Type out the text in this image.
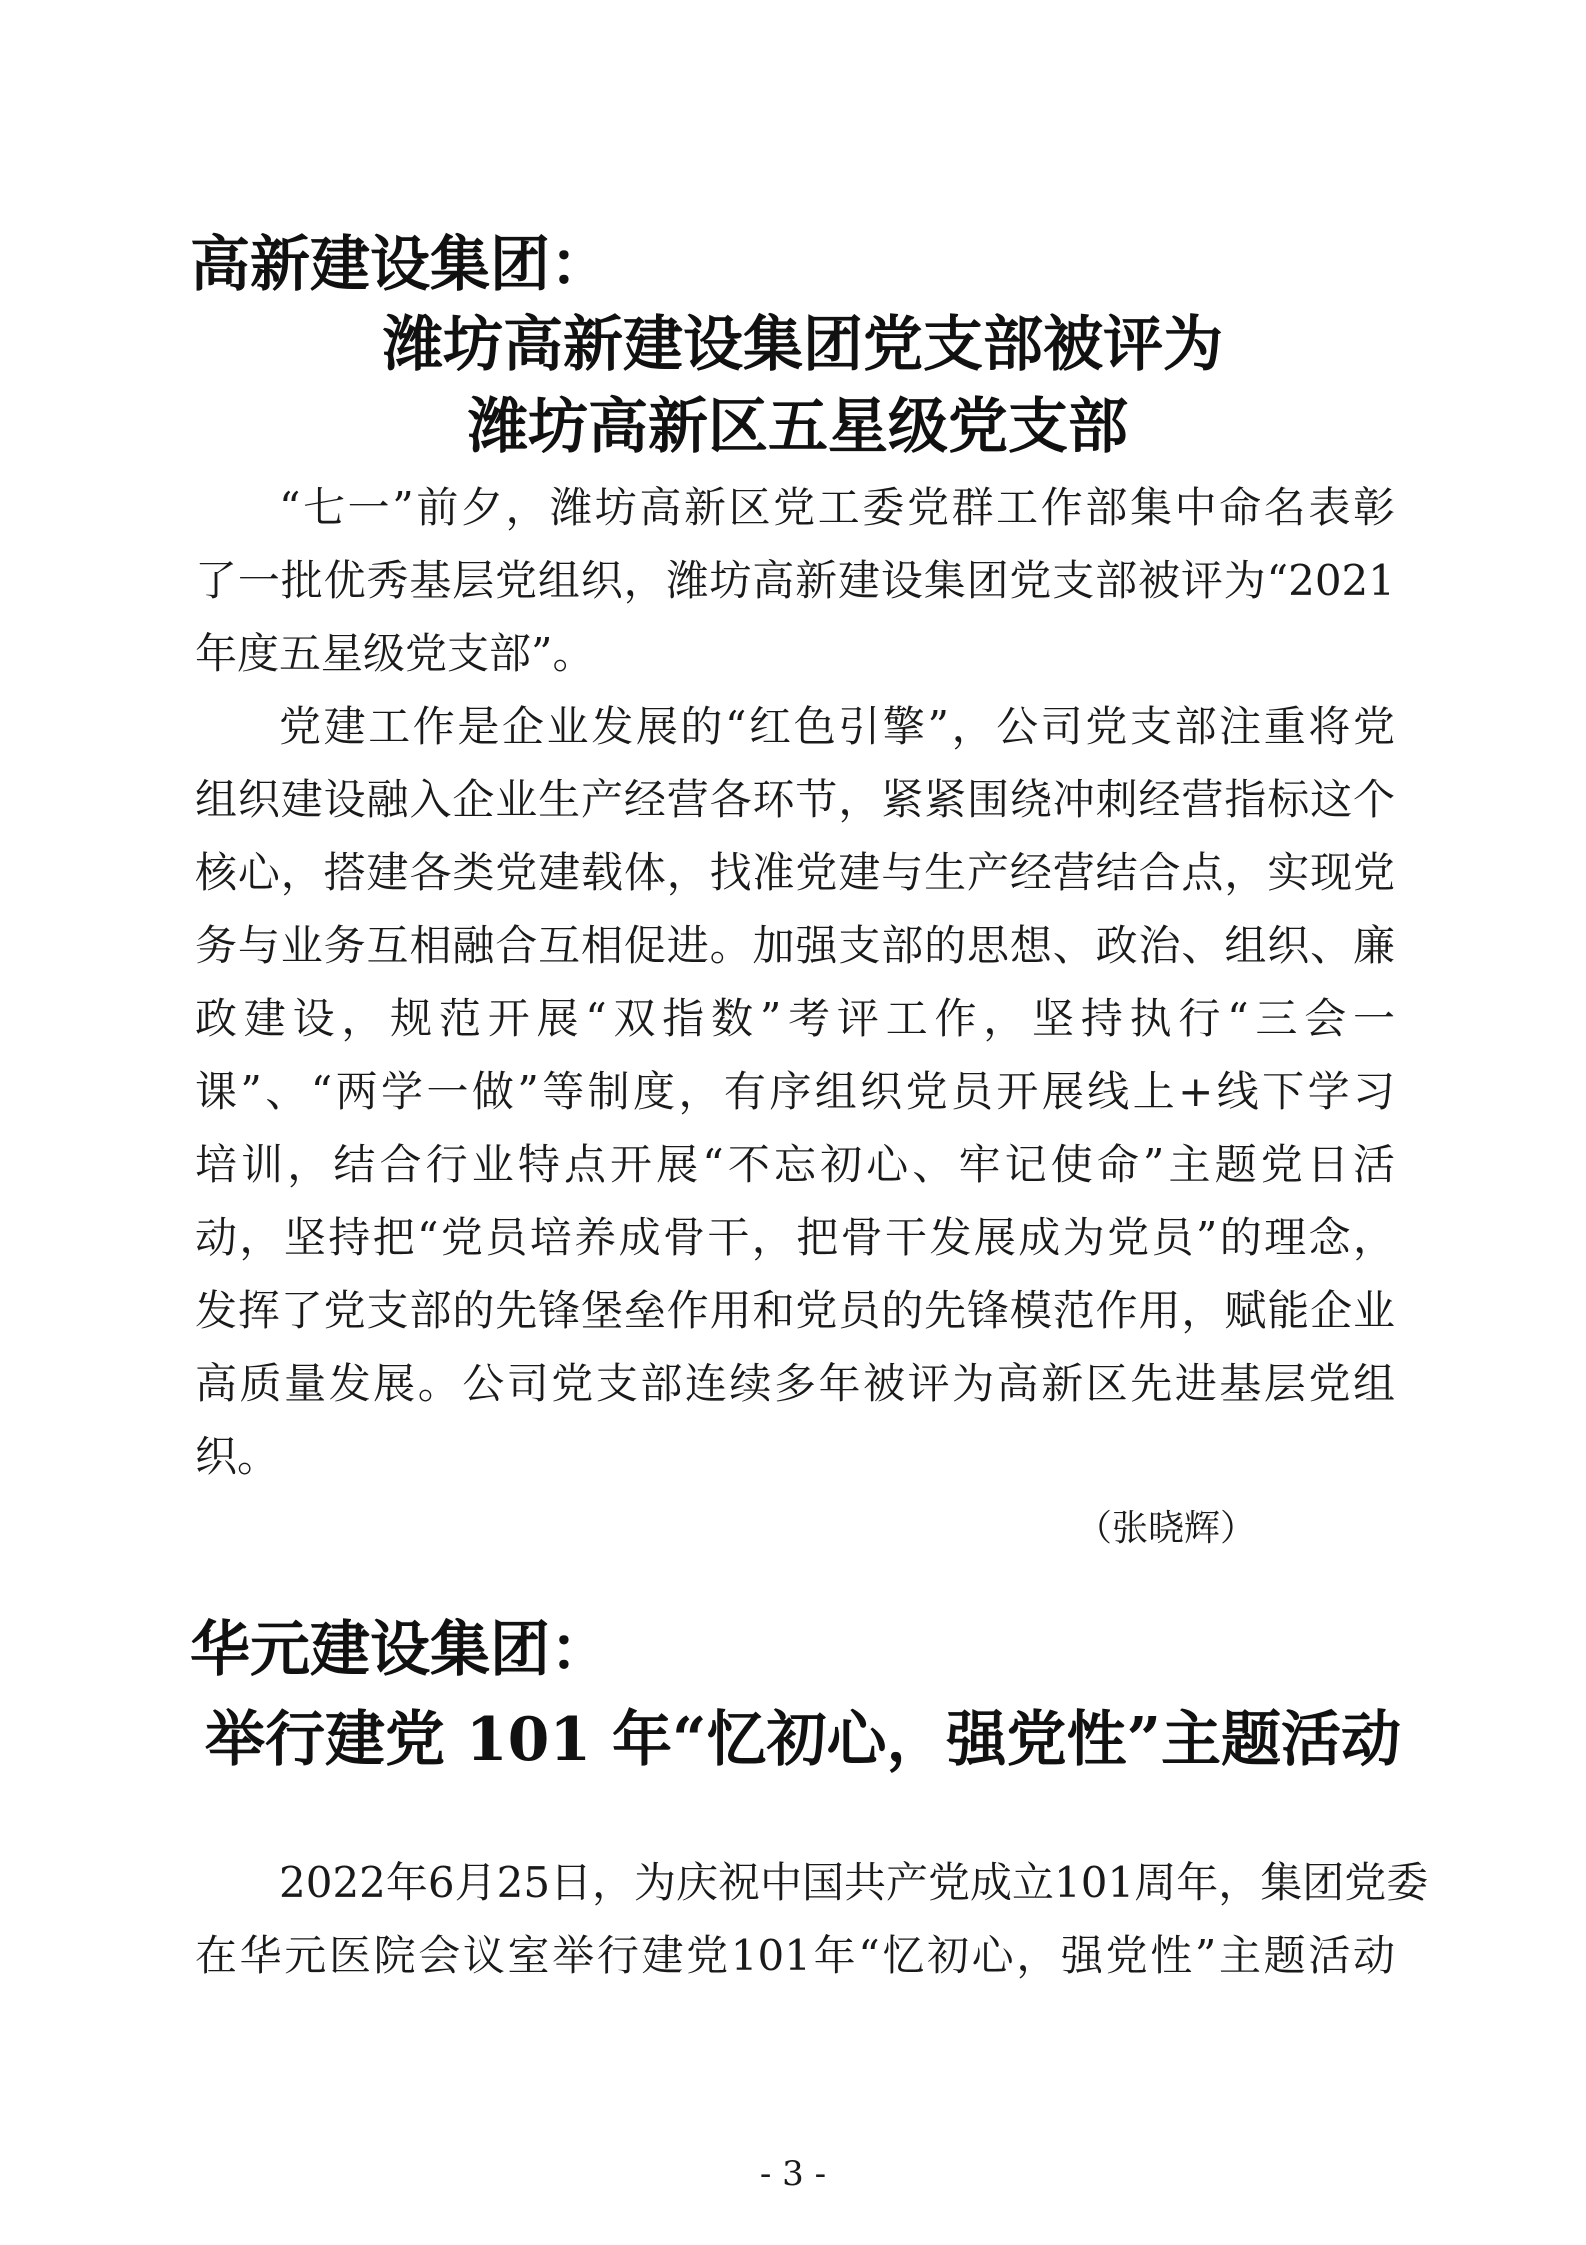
高新建设集团：
潍坊高新建设集团党支部被评为
潍坊高新区五星级党支部
“七一”前夕，潍坊高新区党工委党群工作部集中命名表彰
了一批优秀基层党组织，潍坊高新建设集团党支部被评为“2021
年度五星级党支部”。
党建工作是企业发展的“红色引擎”，公司党支部注重将党
组织建设融入企业生产经营各环节，紧紧围绕冲刺经营指标这个
核心，搭建各类党建载体，找准党建与生产经营结合点，实现党
务与业务互相融合互相促进。加强支部的思想、政治、组织、廉
政建设，规范开展“双指数”考评工作，坚持执行“三会一
课”、“两学一做”等制度，有序组织党员开展线上+线下学习
培训，结合行业特点开展“不忘初心、牢记使命”主题党日活
动，坚持把“党员培养成骨干，把骨干发展成为党员”的理念，
发挥了党支部的先锋堡垒作用和党员的先锋模范作用，赋能企业
高质量发展。公司党支部连续多年被评为高新区先进基层党组
织。
（张晓辉）
华元建设集团：
举行建党 101 年“忆初心，强党性”主题活动
2022年6月25日，为庆祝中国共产党成立101周年，集团党委
在华元医院会议室举行建党101年“忆初心，强党性”主题活动
- 3 -
